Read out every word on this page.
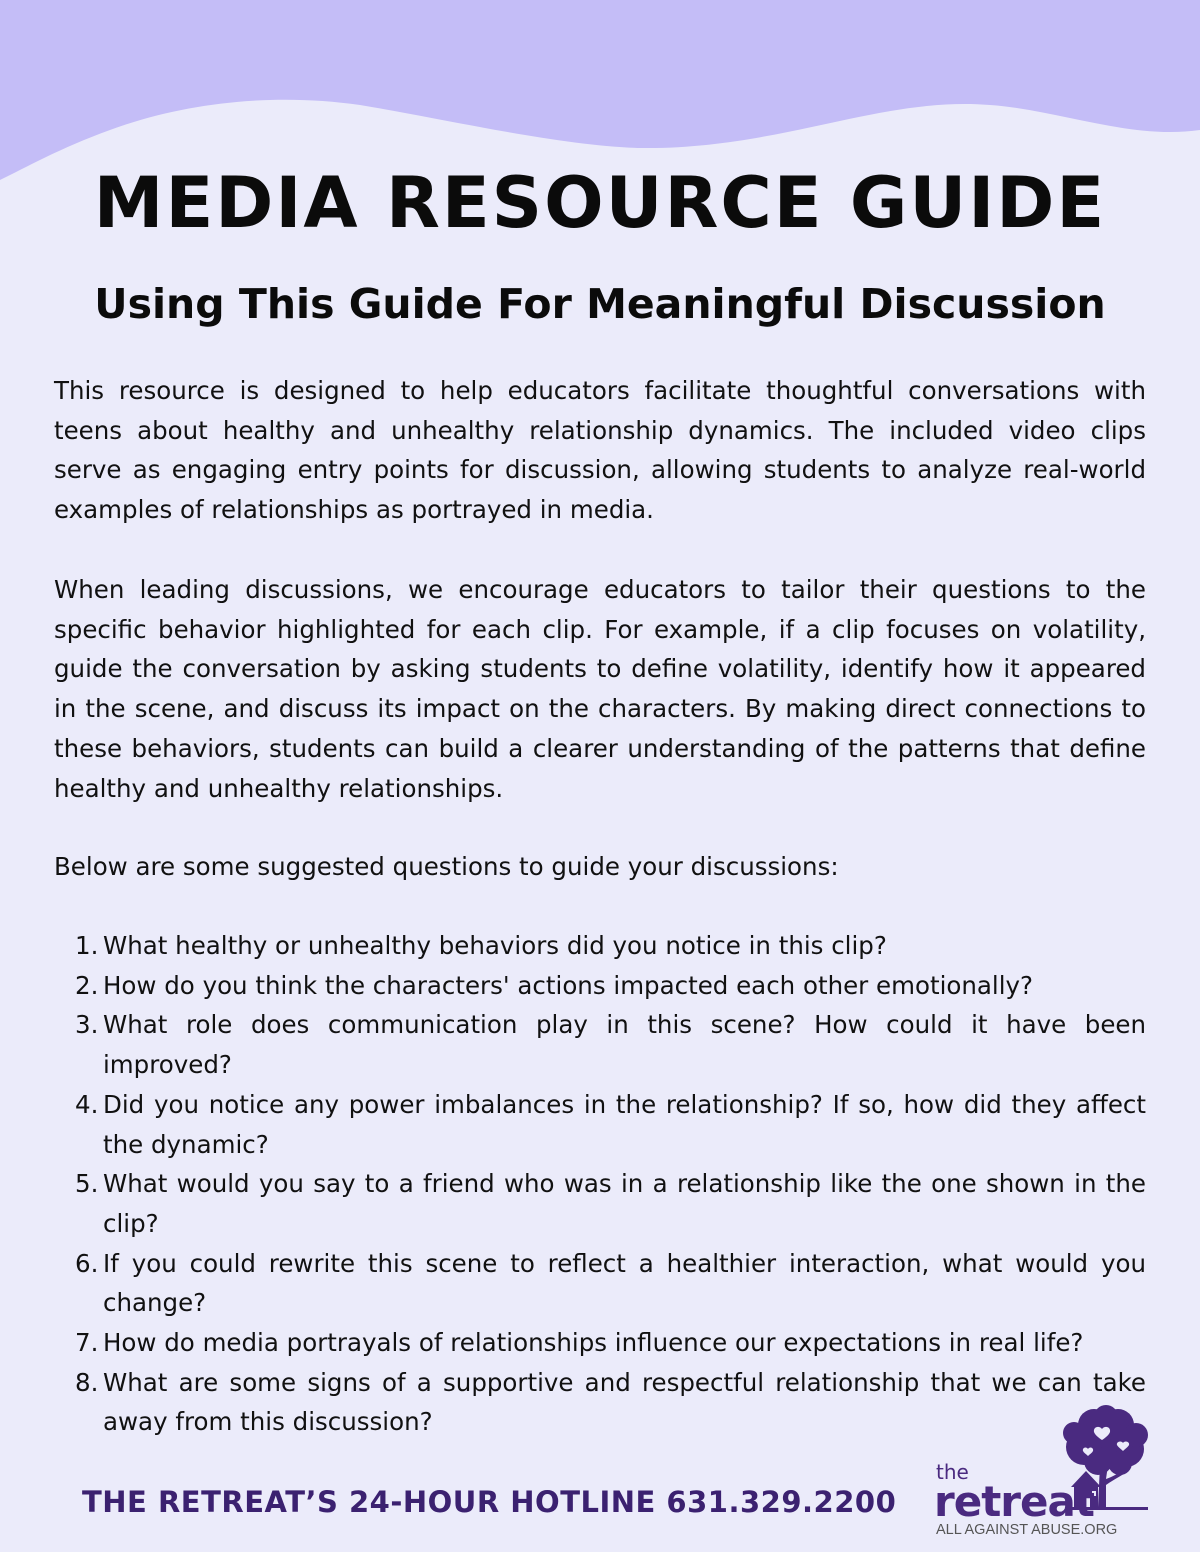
MEDIA RESOURCE GUIDE
Using This Guide For Meaningful Discussion

This resource is designed to help educators facilitate thoughtful conversations with teens about healthy and unhealthy relationship dynamics. The included video clips serve as engaging entry points for discussion, allowing students to analyze real-world examples of relationships as portrayed in media.

When leading discussions, we encourage educators to tailor their questions to the specific behavior highlighted for each clip. For example, if a clip focuses on volatility, guide the conversation by asking students to define volatility, identify how it appeared in the scene, and discuss its impact on the characters. By making direct connections to these behaviors, students can build a clearer understanding of the patterns that define healthy and unhealthy relationships.

Below are some suggested questions to guide your discussions:

1. What healthy or unhealthy behaviors did you notice in this clip?
2. How do you think the characters' actions impacted each other emotionally?
3. What role does communication play in this scene? How could it have been improved?
4. Did you notice any power imbalances in the relationship? If so, how did they affect the dynamic?
5. What would you say to a friend who was in a relationship like the one shown in the clip?
6. If you could rewrite this scene to reflect a healthier interaction, what would you change?
7. How do media portrayals of relationships influence our expectations in real life?
8. What are some signs of a supportive and respectful relationship that we can take away from this discussion?
THE RETREAT’S 24-HOUR HOTLINE 631.329.2200
the
retreat
ALL AGAINST ABUSE.ORG
